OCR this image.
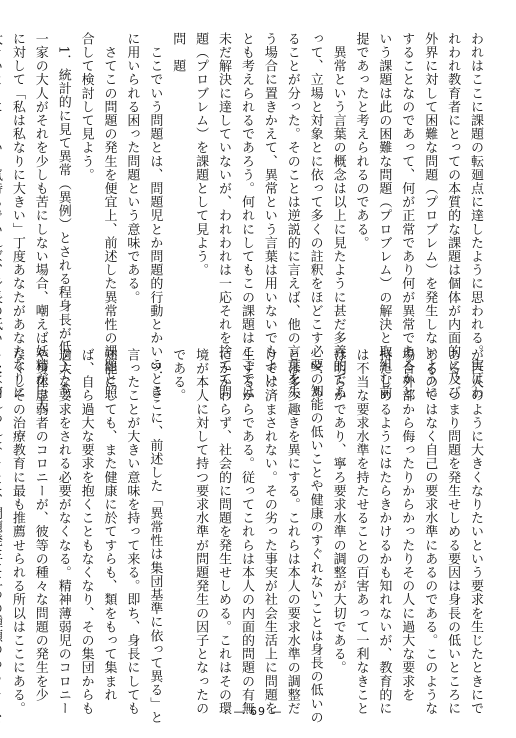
われはここに課題の転廻点に達したように思われる。実はわ
れわれ教育者にとっての本質的な課題は個体が内面的に及び
外界に対して困難な問題（プロブレム）を発生しないように
することなのであって、何が正常であり何が異常であるかと
いう課題は此の困難な問題（プロブレム）の解決と取組む前
提であったと考えられるのである。
　異常という言葉の概念は以上に見たように甚だ多義的であ
って、立場と対象とに依って多くの註釈をほどこす必要のあ
ることが分った。そのことは逆説的に言えば、他の言葉を失
う場合に置きかえて、異常という言葉は用いないでもよい
とも考えられるであろう。何れにしてもこの課題はここでは
未だ解決に達していないが、われわれは一応それを捨てて問
題（プロブレム）を課題として見よう。
問　題
　ここでいう問題とは、問題児とか問題的行動とかいうとき
に用いられる困った問題という意味である。
　さてこの問題の発生を便宜上、前述した異常性の課題と照
合して検討して見よう。
　1．統計的に見て異常（異例）とされる程身長が低くても、
一家の大人がそれを少しも苦にしない場合、嘲えば妖精が巨人
に対して「私は私なりに大きい」丁度あなたがあなたなりに

が巨人のように大きくなりたいという要求を生じたときにで
ある。つまり問題を発生せしめる要因は身長の低いところに
あるのではなく自己の要求水準にあるのである。このような
場合外部から侮ったりからかったりその人に過大な要求を
持たしめるようにはたらきかけるかも知れないが、教育的に
は不当な要求水準を持たせることの百害あって一利なきこと
は明らかであり、寧ろ要求水準の調整が大切である。
　2．知能の低いことや健康のすぐれないことは身長の低いの
とは多少趣きを異にする。これらは本人の要求水準の調整だ
けでは済まされない。その劣った事実が社会生活上に問題を
生ずるからである。従ってこれらは本人の内面的問題の有無
にかかわらず、社会的に問題を発生せしめる。これはその環
境が本人に対して持つ要求水準が問題発生の因子となったの
である。
　3．ここに、前述した「異常性は集団基準に依って異る」と
言ったことが大きい意味を持って来る。即ち、身長にしても
知能にしても、また健康に於てすらも、類をもって集まれ
ば、自ら過大な要求を抱くこともなくなり、その集団からも
過大な要求をされる必要がなくなる。精神薄弱児のコロニー
や身体虚弱者のコロニーが、彼等の種々な問題の発生を少
なくしその治療教育に最も推薦せられる所以はここにある。
　	— 69 —
